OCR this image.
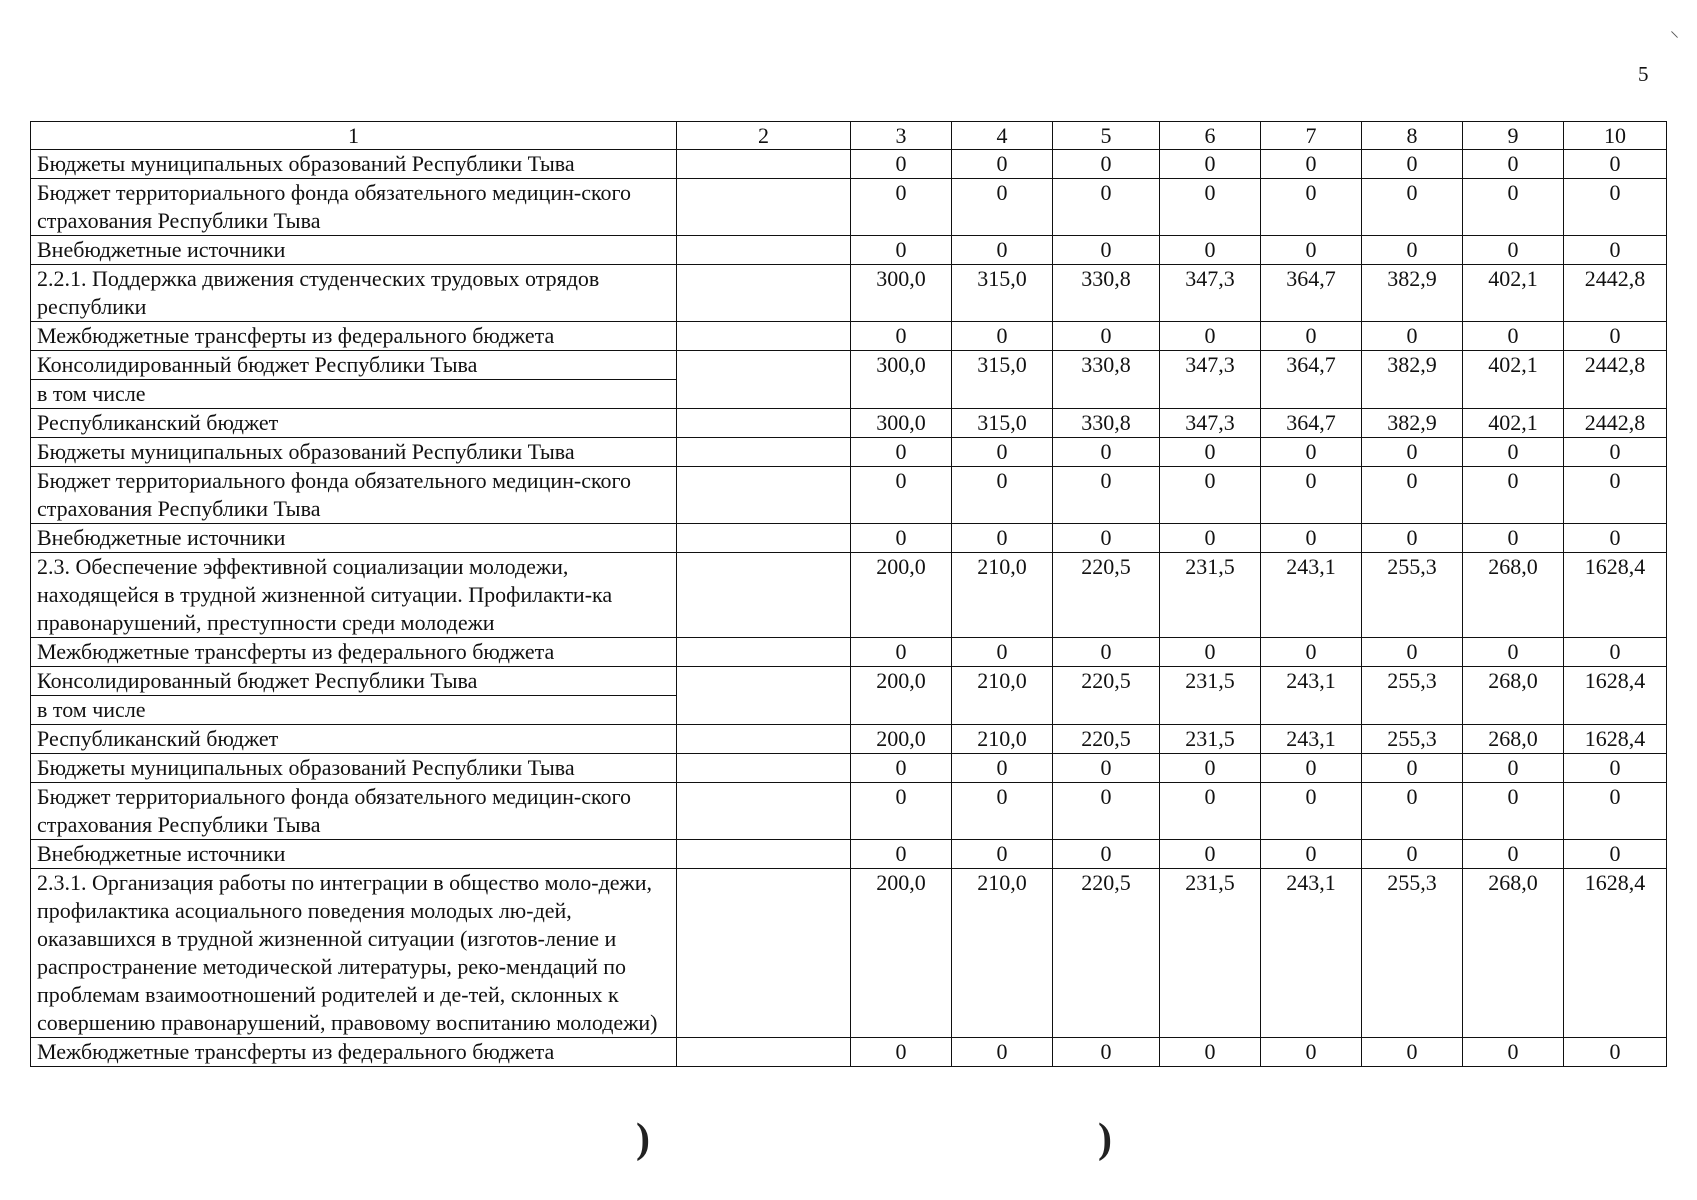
5
⸌
1	2	3	4	5	6	7	8	9	10
Бюджеты муниципальных образований Республики Тыва		0	0	0	0	0	0	0	0
Бюджет территориального фонда обязательного медицин-ского страхования Республики Тыва		0	0	0	0	0	0	0	0
Внебюджетные источники		0	0	0	0	0	0	0	0
2.2.1. Поддержка движения студенческих трудовых отрядов республики		300,0	315,0	330,8	347,3	364,7	382,9	402,1	2442,8
Межбюджетные трансферты из федерального бюджета		0	0	0	0	0	0	0	0
Консолидированный бюджет Республики Тыва		300,0	315,0	330,8	347,3	364,7	382,9	402,1	2442,8
в том числе									
Республиканский бюджет		300,0	315,0	330,8	347,3	364,7	382,9	402,1	2442,8
Бюджеты муниципальных образований Республики Тыва		0	0	0	0	0	0	0	0
Бюджет территориального фонда обязательного медицин-ского страхования Республики Тыва		0	0	0	0	0	0	0	0
Внебюджетные источники		0	0	0	0	0	0	0	0
2.3. Обеспечение эффективной социализации молодежи, находящейся в трудной жизненной ситуации. Профилакти-ка правонарушений, преступности среди молодежи		200,0	210,0	220,5	231,5	243,1	255,3	268,0	1628,4
Межбюджетные трансферты из федерального бюджета		0	0	0	0	0	0	0	0
Консолидированный бюджет Республики Тыва		200,0	210,0	220,5	231,5	243,1	255,3	268,0	1628,4
в том числе									
Республиканский бюджет		200,0	210,0	220,5	231,5	243,1	255,3	268,0	1628,4
Бюджеты муниципальных образований Республики Тыва		0	0	0	0	0	0	0	0
Бюджет территориального фонда обязательного медицин-ского страхования Республики Тыва		0	0	0	0	0	0	0	0
Внебюджетные источники		0	0	0	0	0	0	0	0
2.3.1. Организация работы по интеграции в общество моло-дежи, профилактика асоциального поведения молодых лю-дей, оказавшихся в трудной жизненной ситуации (изготов-ление и распространение методической литературы, реко-мендаций по проблемам взаимоотношений родителей и де-тей, склонных к совершению правонарушений, правовому воспитанию молодежи)		200,0	210,0	220,5	231,5	243,1	255,3	268,0	1628,4
Межбюджетные трансферты из федерального бюджета		0	0	0	0	0	0	0	0
)	)
